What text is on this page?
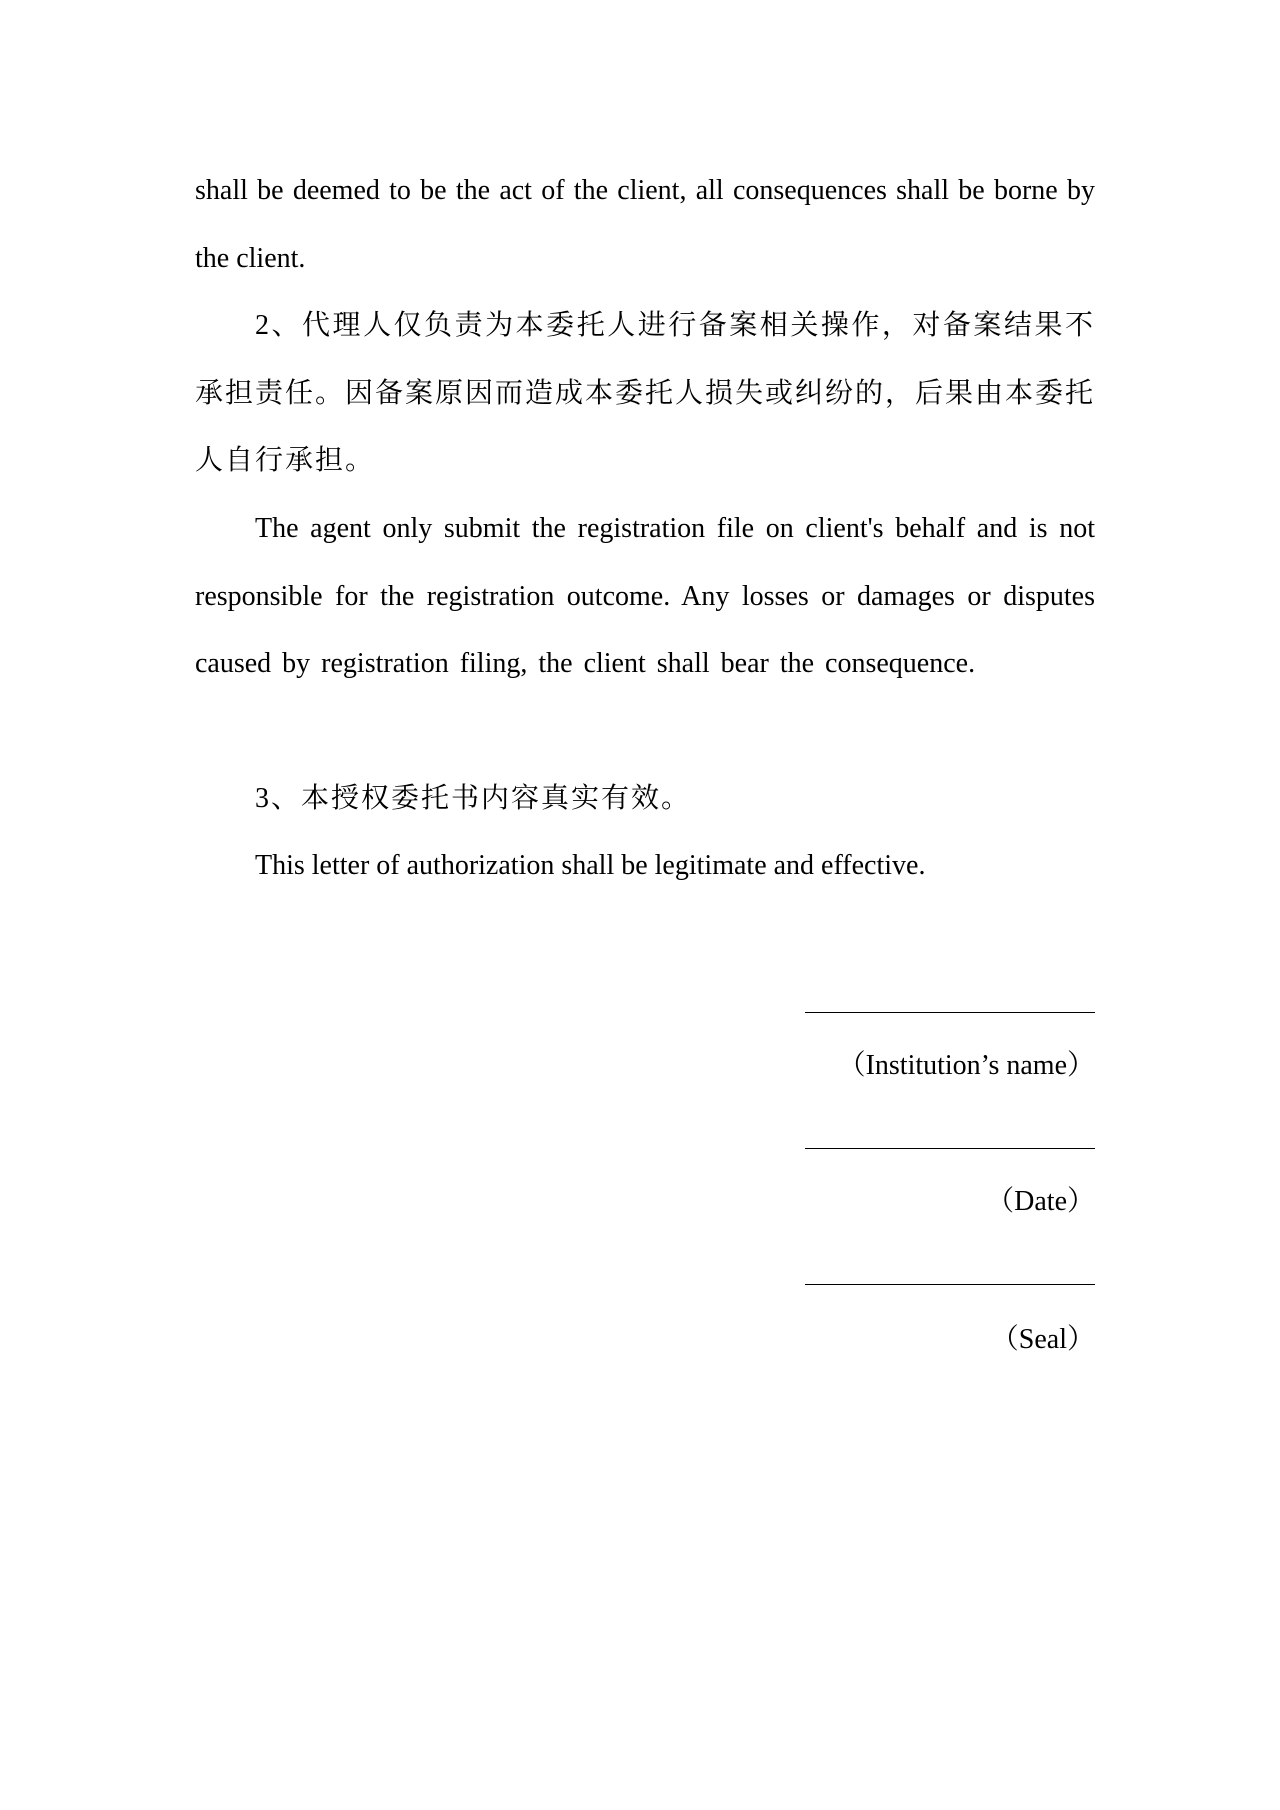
shall be deemed to be the act of the client, all consequences shall be borne by the client.

2、代理人仅负责为本委托人进行备案相关操作，对备案结果不承担责任。因备案原因而造成本委托人损失或纠纷的，后果由本委托人自行承担。

The agent only submit the registration file on client's behalf and is not responsible for the registration outcome. Any losses or damages or disputes caused by registration filing, the client shall bear the consequence.

3、本授权委托书内容真实有效。

This letter of authorization shall be legitimate and effective.

（Institution’s name）
（Date）
（Seal）
